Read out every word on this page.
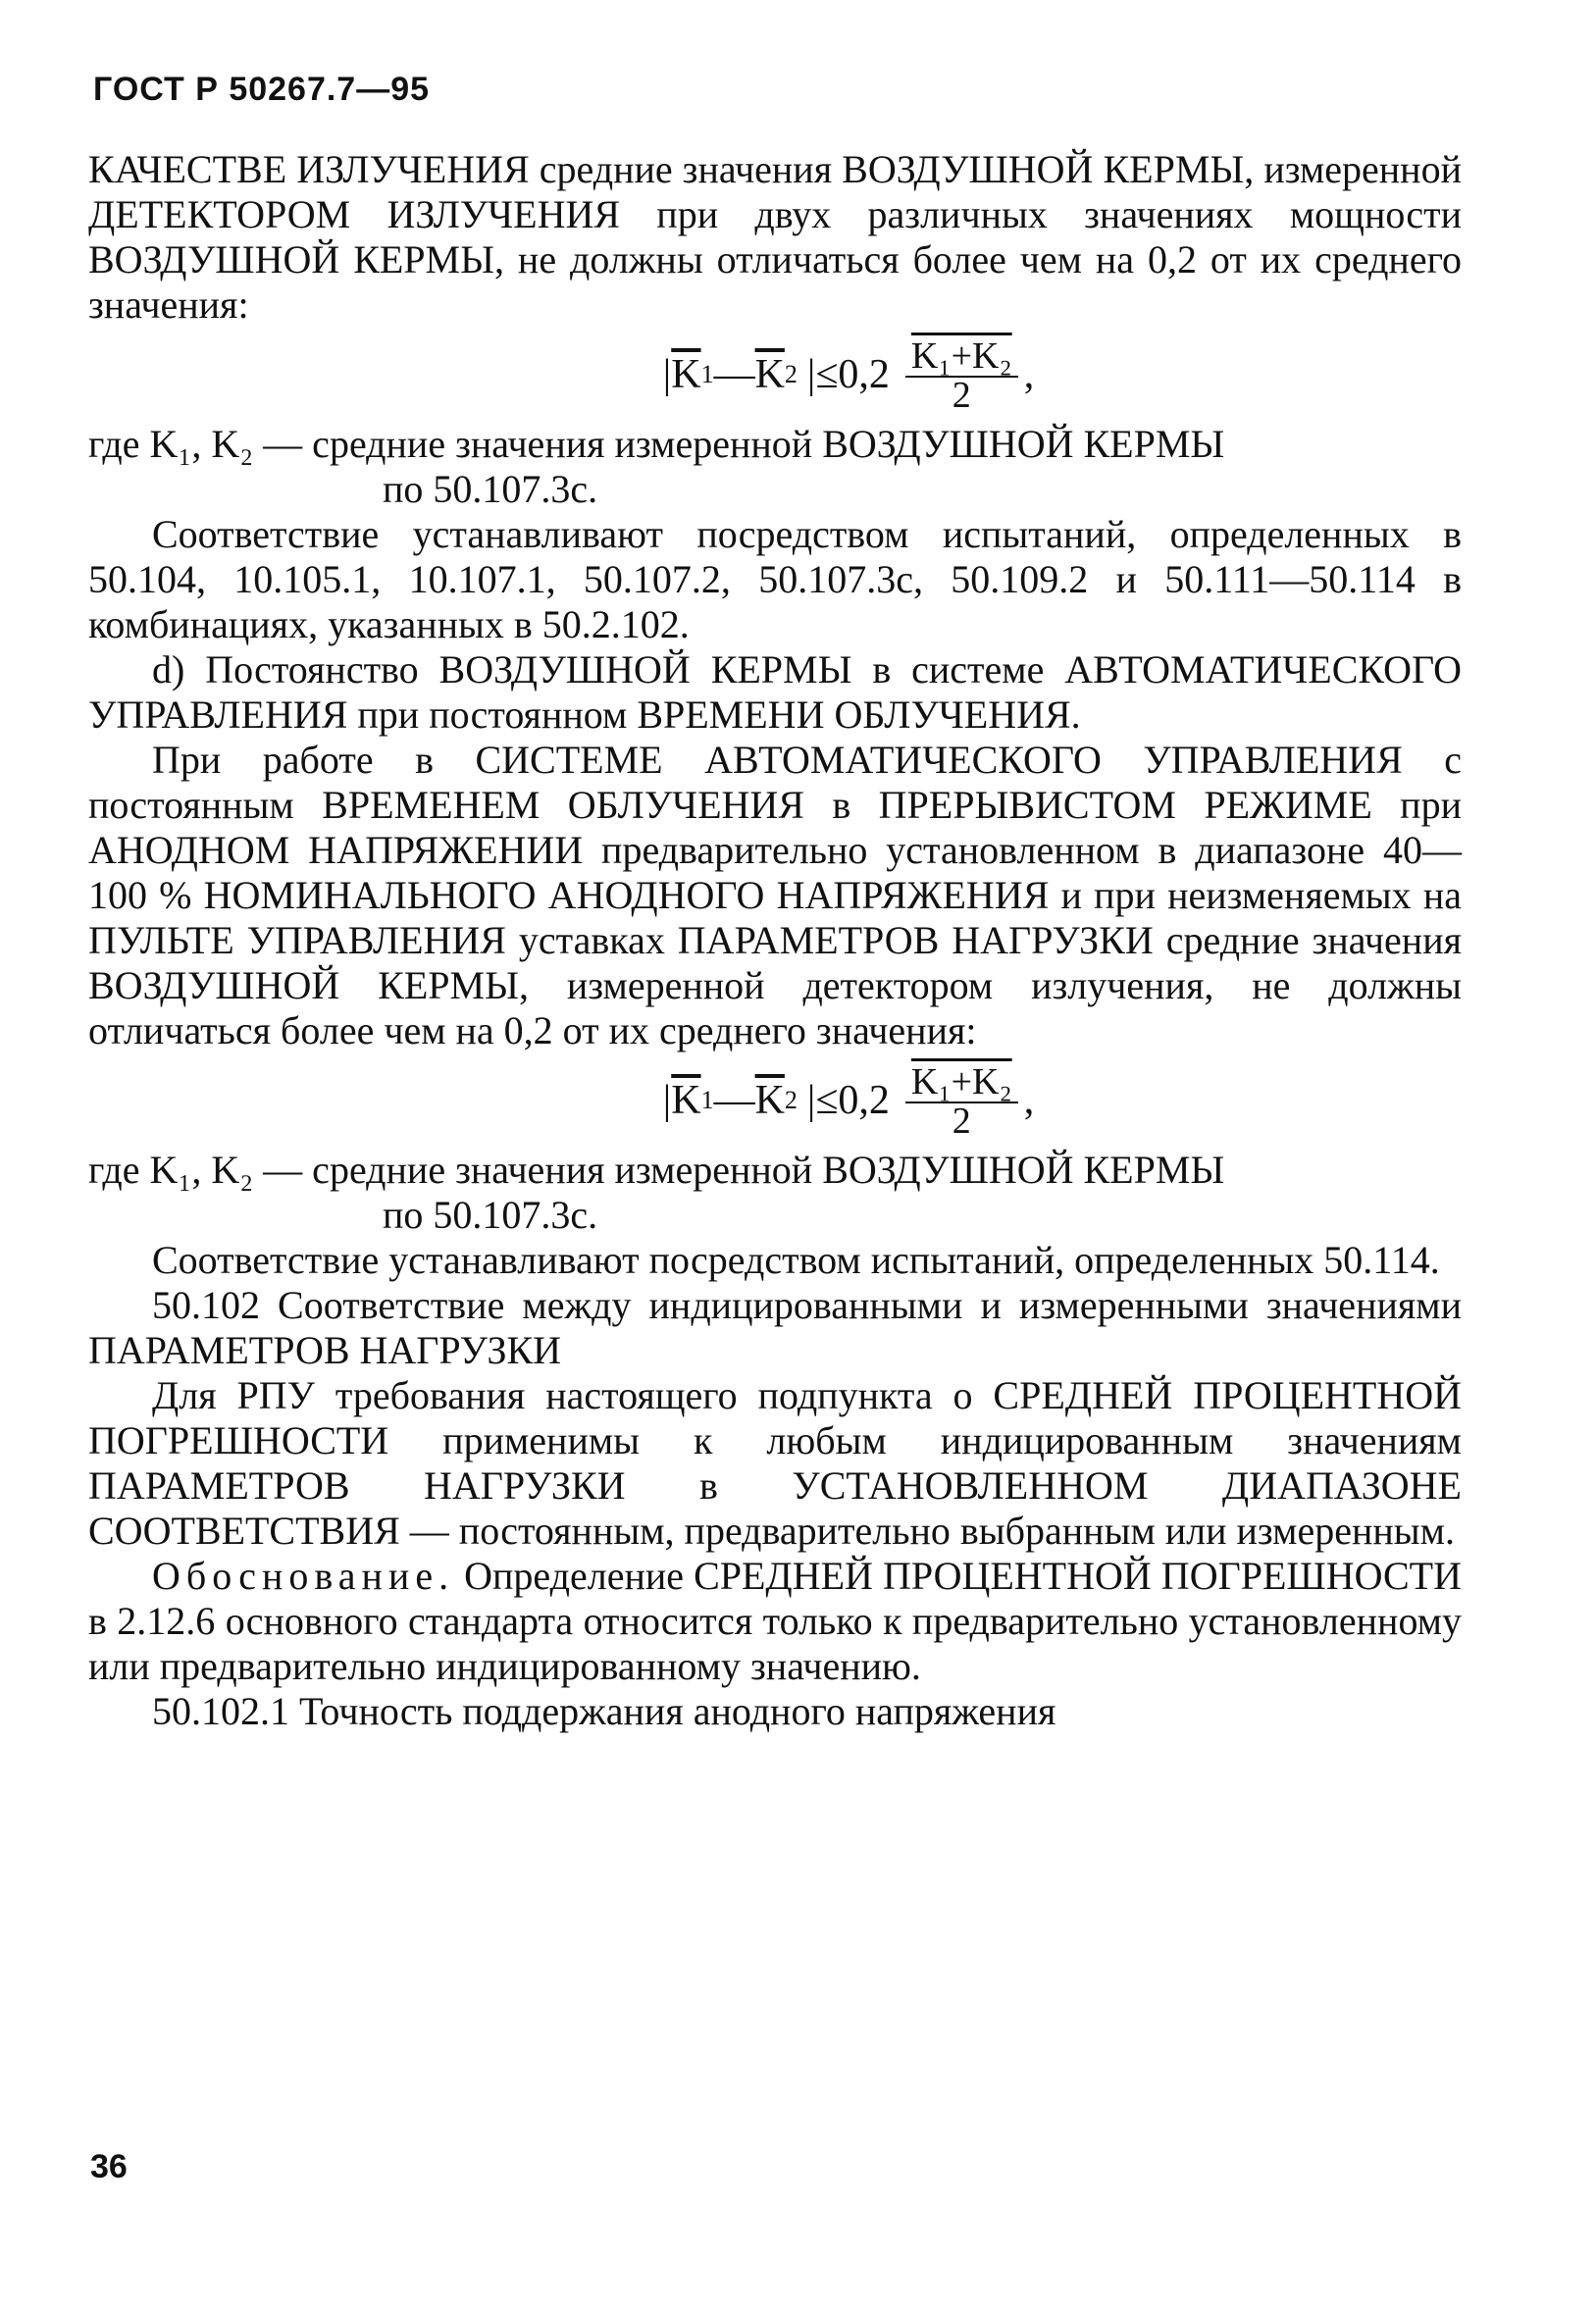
ГОСТ Р 50267.7—95

КАЧЕСТВЕ ИЗЛУЧЕНИЯ средние значения ВОЗДУШНОЙ КЕРМЫ, измеренной ДЕТЕКТОРОМ ИЗЛУЧЕНИЯ при двух различных значениях мощности ВОЗДУШНОЙ КЕРМЫ, не должны отличаться более чем на 0,2 от их среднего значения:

| $\overline{K}$ 1 — $\overline{K}$ 2 $|\le 0,2 \frac{\text{K₁+K₂}}{2}$ ,

где K₁, K₂ — средние значения измеренной ВОЗДУШНОЙ КЕРМЫ

по 50.107.3с.

Соответствие устанавливают посредством испытаний, определенных в 50.104, 10.105.1, 10.107.1, 50.107.2, 50.107.3с, 50.109.2 и 50.111—50.114 в комбинациях, указанных в 50.2.102.

d) Постоянство ВОЗДУШНОЙ КЕРМЫ в системе АВТОМАТИЧЕСКОГО УПРАВЛЕНИЯ при постоянном ВРЕМЕНИ ОБЛУЧЕНИЯ.

При работе в СИСТЕМЕ АВТОМАТИЧЕСКОГО УПРАВЛЕНИЯ с постоянным ВРЕМЕНЕМ ОБЛУЧЕНИЯ в ПРЕРЫВИСТОМ РЕЖИМЕ при АНОДНОМ НАПРЯЖЕНИИ предварительно установленном в диапазоне 40—100 % НОМИНАЛЬНОГО АНОДНОГО НАПРЯЖЕНИЯ и при неизменяемых на ПУЛЬТЕ УПРАВЛЕНИЯ уставках ПАРАМЕТРОВ НАГРУЗКИ средние значения ВОЗДУШНОЙ КЕРМЫ, измеренной детектором излучения, не должны отличаться более чем на 0,2 от их среднего значения:

| $\overline{K}$ 1 — $\overline{K}$ 2 $|\le 0,2 \frac{\text{K₁+K₂}}{2}$ ,

где K₁, K₂ — средние значения измеренной ВОЗДУШНОЙ КЕРМЫ

по 50.107.3с.

Соответствие устанавливают посредством испытаний, определенных 50.114.

50.102 Соответствие между индицированными и измеренными значениями ПАРАМЕТРОВ НАГРУЗКИ

Для РПУ требования настоящего подпункта о СРЕДНЕЙ ПРОЦЕНТНОЙ ПОГРЕШНОСТИ применимы к любым индицированным значениям ПАРАМЕТРОВ НАГРУЗКИ в УСТАНОВЛЕННОМ ДИАПАЗОНЕ СООТВЕТСТВИЯ — постоянным, предварительно выбранным или измеренным.

Обоснование. Определение СРЕДНЕЙ ПРОЦЕНТНОЙ ПОГРЕШНОСТИ в 2.12.6 основного стандарта относится только к предварительно установленному или предварительно индицированному значению.

50.102.1 Точность поддержания анодного напряжения

36
